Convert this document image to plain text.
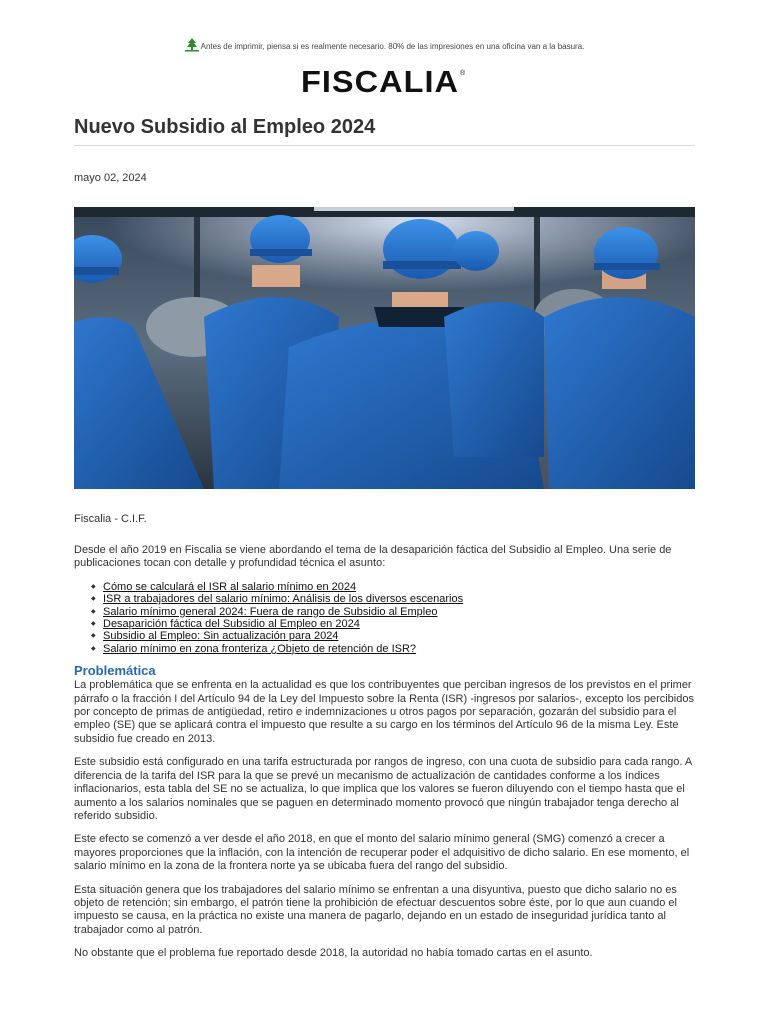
Antes de imprimir, piensa si es realmente necesario. 80% de las impresiones en una oficina van a la basura.
FISCALIA ®
Nuevo Subsidio al Empleo 2024
mayo 02, 2024
Fiscalia - C.I.F.

Desde el año 2019 en Fiscalia se viene abordando el tema de la desaparición fáctica del Subsidio al Empleo. Una serie de publicaciones tocan con detalle y profundidad técnica el asunto:

◆ Cómo se calculará el ISR al salario mínimo en 2024
◆ ISR a trabajadores del salario mínimo: Análisis de los diversos escenarios
◆ Salario mínimo general 2024: Fuera de rango de Subsidio al Empleo
◆ Desaparición fáctica del Subsidio al Empleo en 2024
◆ Subsidio al Empleo: Sin actualización para 2024
◆ Salario mínimo en zona fronteriza ¿Objeto de retención de ISR?
Problemática

La problemática que se enfrenta en la actualidad es que los contribuyentes que perciban ingresos de los previstos en el primer párrafo o la fracción I del Artículo 94 de la Ley del Impuesto sobre la Renta (ISR) -ingresos por salarios-, excepto los percibidos por concepto de primas de antigüedad, retiro e indemnizaciones u otros pagos por separación, gozarán del subsidio para el empleo (SE) que se aplicará contra el impuesto que resulte a su cargo en los términos del Artículo 96 de la misma Ley. Este subsidio fue creado en 2013.

Este subsidio está configurado en una tarifa estructurada por rangos de ingreso, con una cuota de subsidio para cada rango. A diferencia de la tarifa del ISR para la que se prevé un mecanismo de actualización de cantidades conforme a los índices inflacionarios, esta tabla del SE no se actualiza, lo que implica que los valores se fueron diluyendo con el tiempo hasta que el aumento a los salarios nominales que se paguen en determinado momento provocó que ningún trabajador tenga derecho al referido subsidio.

Este efecto se comenzó a ver desde el año 2018, en que el monto del salario mínimo general (SMG) comenzó a crecer a mayores proporciones que la inflación, con la intención de recuperar poder el adquisitivo de dicho salario. En ese momento, el salario mínimo en la zona de la frontera norte ya se ubicaba fuera del rango del subsidio.

Esta situación genera que los trabajadores del salario mínimo se enfrentan a una disyuntiva, puesto que dicho salario no es objeto de retención; sin embargo, el patrón tiene la prohibición de efectuar descuentos sobre éste, por lo que aun cuando el impuesto se causa, en la práctica no existe una manera de pagarlo, dejando en un estado de inseguridad jurídica tanto al trabajador como al patrón.

No obstante que el problema fue reportado desde 2018, la autoridad no había tomado cartas en el asunto.
